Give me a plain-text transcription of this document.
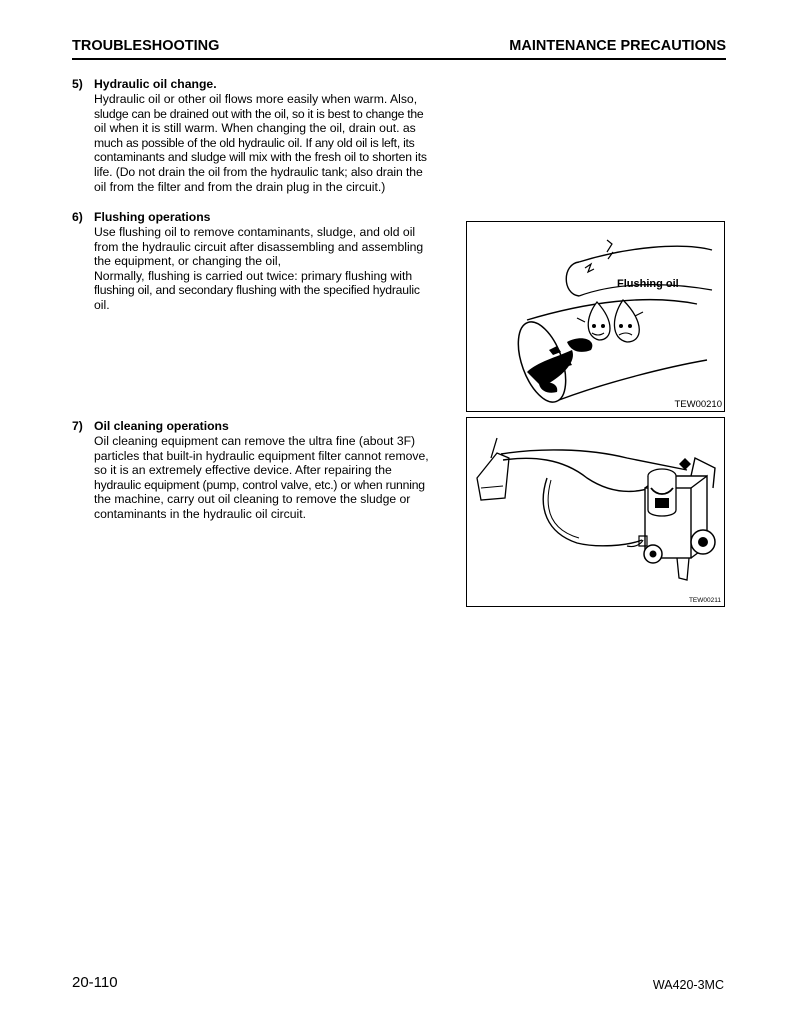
TROUBLESHOOTING	MAINTENANCE PRECAUTIONS
5) Hydraulic oil change.

Hydraulic oil or other oil flows more easily when warm. Also,

sludge can be drained out with the oil, so it is best to change the

oil when it is still warm. When changing the oil, drain out. as

much as possible of the old hydraulic oil. If any old oil is left, its

contaminants and sludge will mix with the fresh oil to shorten its

life. (Do not drain the oil from the hydraulic tank; also drain the

oil from the filter and from the drain plug in the circuit.)

6) Flushing operations

Use flushing oil to remove contaminants, sludge, and old oil

from the hydraulic circuit after disassembling and assembling

the equipment, or changing the oil,

Normally, flushing is carried out twice: primary flushing with

flushing oil, and secondary flushing with the specified hydraulic

oil.

7) Oil cleaning operations

Oil cleaning equipment can remove the ultra fine (about 3F)

particles that built-in hydraulic equipment filter cannot remove,

so it is an extremely effective device. After repairing the

hydraulic equipment (pump, control valve, etc.) or when running

the machine, carry out oil cleaning to remove the sludge or

contaminants in the hydraulic oil circuit.

Flushing oil
TEW00210
TEW00211
20-110	WA420-3MC
